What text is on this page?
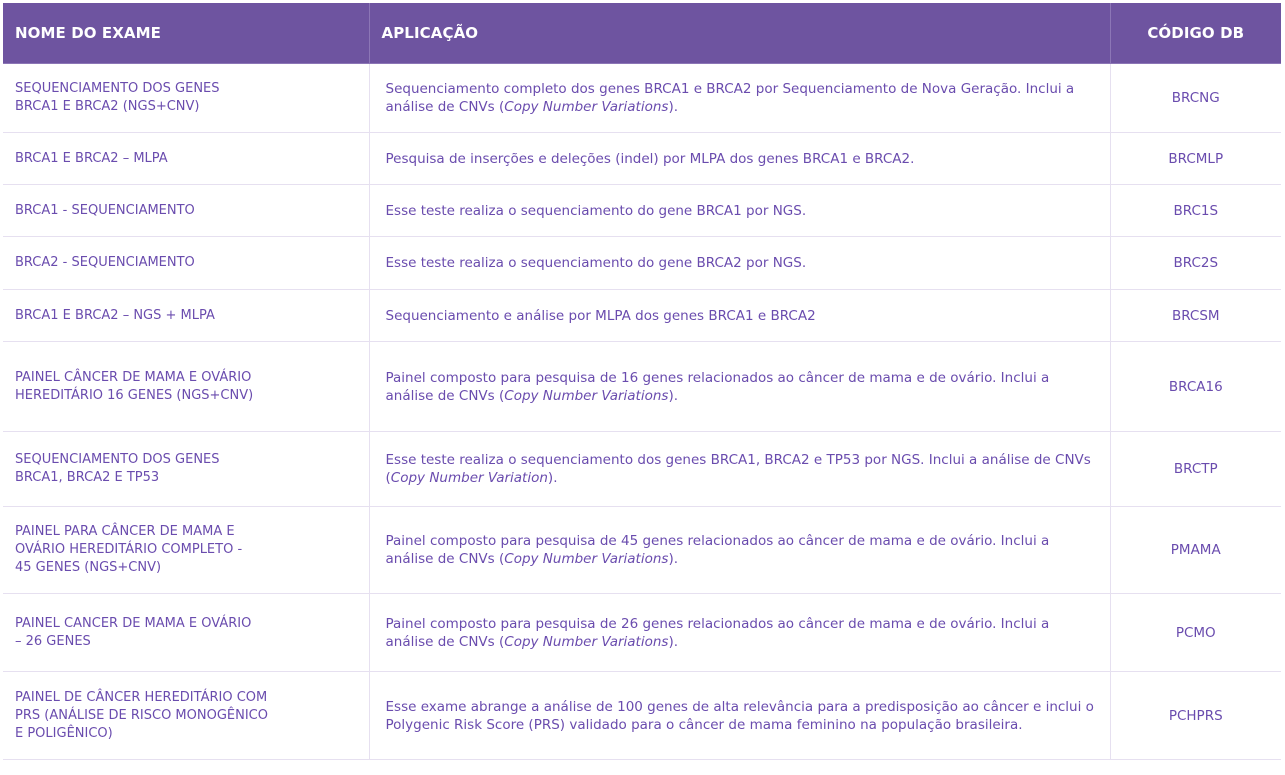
NOME DO EXAME	APLICAÇÃO	CÓDIGO DB
SEQUENCIAMENTO DOS GENES
BRCA1 E BRCA2 (NGS+CNV)	Sequenciamento completo dos genes BRCA1 e BRCA2 por Sequenciamento de Nova Geração. Inclui a análise de CNVs (Copy Number Variations).	BRCNG
BRCA1 E BRCA2 – MLPA	Pesquisa de inserções e deleções (indel) por MLPA dos genes BRCA1 e BRCA2.	BRCMLP
BRCA1 - SEQUENCIAMENTO	Esse teste realiza o sequenciamento do gene BRCA1 por NGS.	BRC1S
BRCA2 - SEQUENCIAMENTO	Esse teste realiza o sequenciamento do gene BRCA2 por NGS.	BRC2S
BRCA1 E BRCA2 – NGS + MLPA	Sequenciamento e análise por MLPA dos genes BRCA1 e BRCA2	BRCSM
PAINEL CÂNCER DE MAMA E OVÁRIO
HEREDITÁRIO 16 GENES (NGS+CNV)	Painel composto para pesquisa de 16 genes relacionados ao câncer de mama e de ovário. Inclui a análise de CNVs (Copy Number Variations).	BRCA16
SEQUENCIAMENTO DOS GENES
BRCA1, BRCA2 E TP53	Esse teste realiza o sequenciamento dos genes BRCA1, BRCA2 e TP53 por NGS. Inclui a análise de CNVs (Copy Number Variation).	BRCTP
PAINEL PARA CÂNCER DE MAMA E
OVÁRIO HEREDITÁRIO COMPLETO -
45 GENES (NGS+CNV)	Painel composto para pesquisa de 45 genes relacionados ao câncer de mama e de ovário. Inclui a análise de CNVs (Copy Number Variations).	PMAMA
PAINEL CANCER DE MAMA E OVÁRIO
– 26 GENES	Painel composto para pesquisa de 26 genes relacionados ao câncer de mama e de ovário. Inclui a análise de CNVs (Copy Number Variations).	PCMO
PAINEL DE CÂNCER HEREDITÁRIO COM
PRS (ANÁLISE DE RISCO MONOGÊNICO
E POLIGÊNICO)	Esse exame abrange a análise de 100 genes de alta relevância para a predisposição ao câncer e inclui o Polygenic Risk Score (PRS) validado para o câncer de mama feminino na população brasileira.	PCHPRS
